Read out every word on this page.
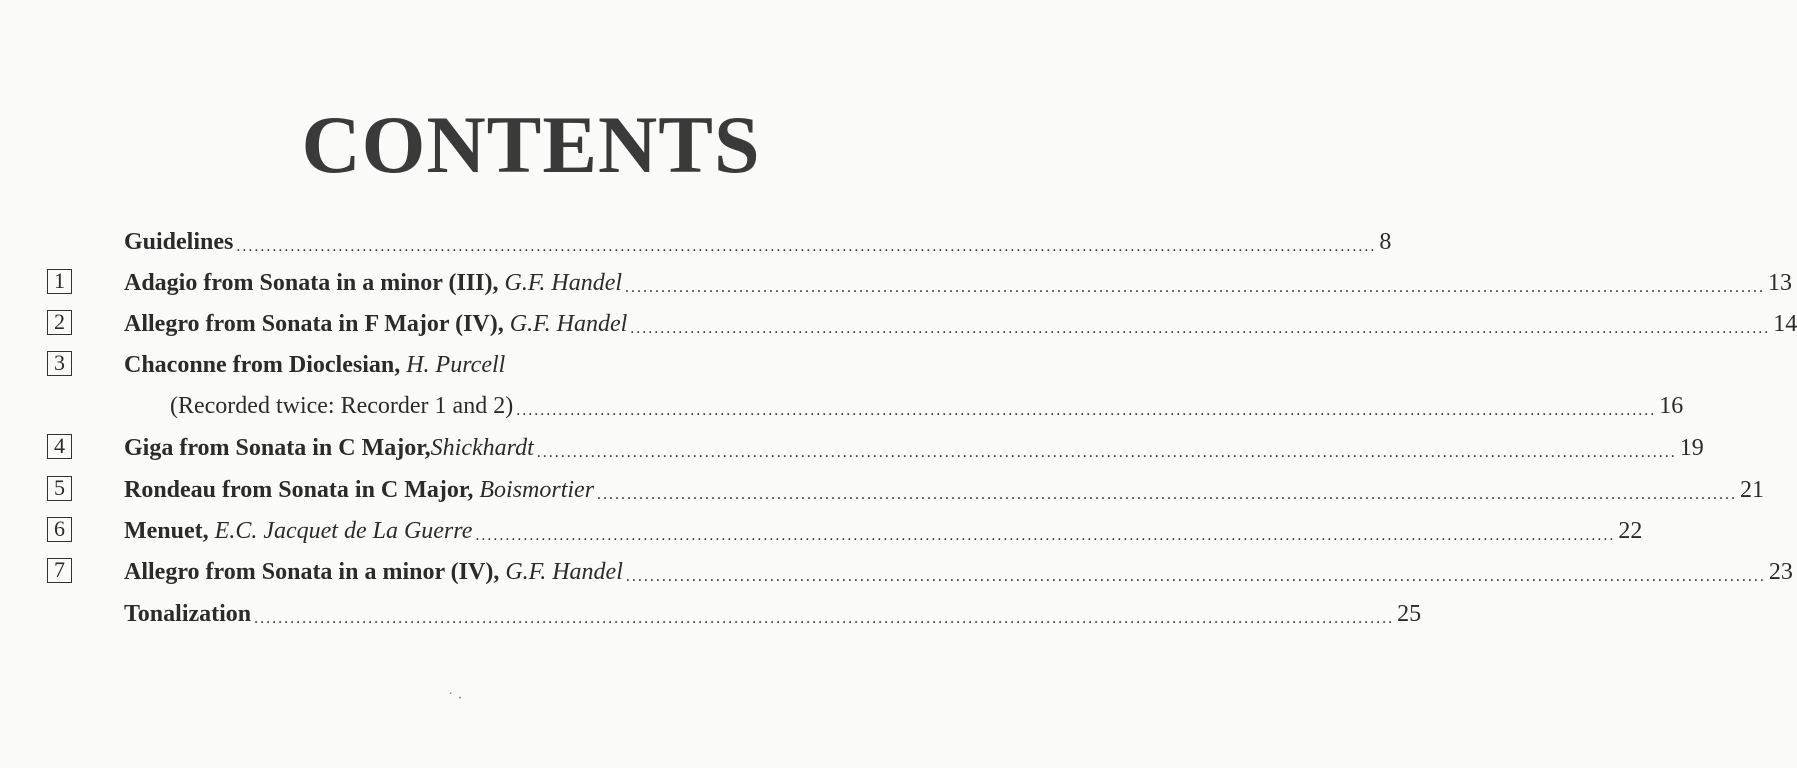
CONTENTS
Guidelines .............................................................................................................................................................................................. 8
1 Adagio from Sonata in a minor (III),
G.F. Handel .............................................................................................................................................................................................. 13
2 Allegro from Sonata in F Major (IV),
G.F. Handel .............................................................................................................................................................................................. 14
3 Chaconne from Dioclesian,
H. Purcell
(Recorded twice: Recorder 1 and 2) .............................................................................................................................................................................................. 16
4 Giga from Sonata in C Major, Shickhardt .............................................................................................................................................................................................. 19
5 Rondeau from Sonata in C Major,
Boismortier .............................................................................................................................................................................................. 21
6 Menuet,
E.C. Jacquet de La Guerre .............................................................................................................................................................................................. 22
7 Allegro from Sonata in a minor (IV),
G.F. Handel .............................................................................................................................................................................................. 23
Tonalization .............................................................................................................................................................................................. 25
˙ ·
